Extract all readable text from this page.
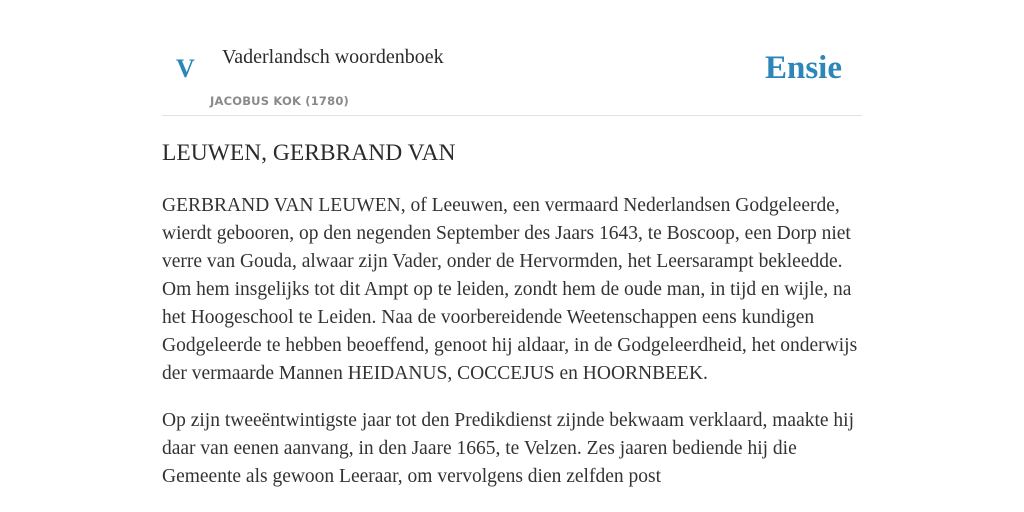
V Vaderlandsch woordenboek
JACOBUS KOK (1780)
Ensie
LEUWEN, GERBRAND VAN

GERBRAND VAN LEUWEN, of Leeuwen, een vermaard Nederlandsen Godgeleerde, wierdt gebooren, op den negenden September des Jaars 1643, te Boscoop, een Dorp niet verre van Gouda, alwaar zijn Vader, onder de Hervormden, het Leersarampt bekleedde. Om hem insgelijks tot dit Ampt op te leiden, zondt hem de oude man, in tijd en wijle, na het Hoogeschool te Leiden. Naa de voorbereidende Weetenschappen eens kundigen Godgeleerde te hebben beoeffend, genoot hij aldaar, in de Godgeleerdheid, het onderwijs der vermaarde Mannen HEIDANUS, COCCEJUS en HOORNBEEK.

Op zijn tweeëntwintigste jaar tot den Predikdienst zijnde bekwaam verklaard, maakte hij daar van eenen aanvang, in den Jaare 1665, te Velzen. Zes jaaren bediende hij die Gemeente als gewoon Leeraar, om vervolgens dien zelfden post
